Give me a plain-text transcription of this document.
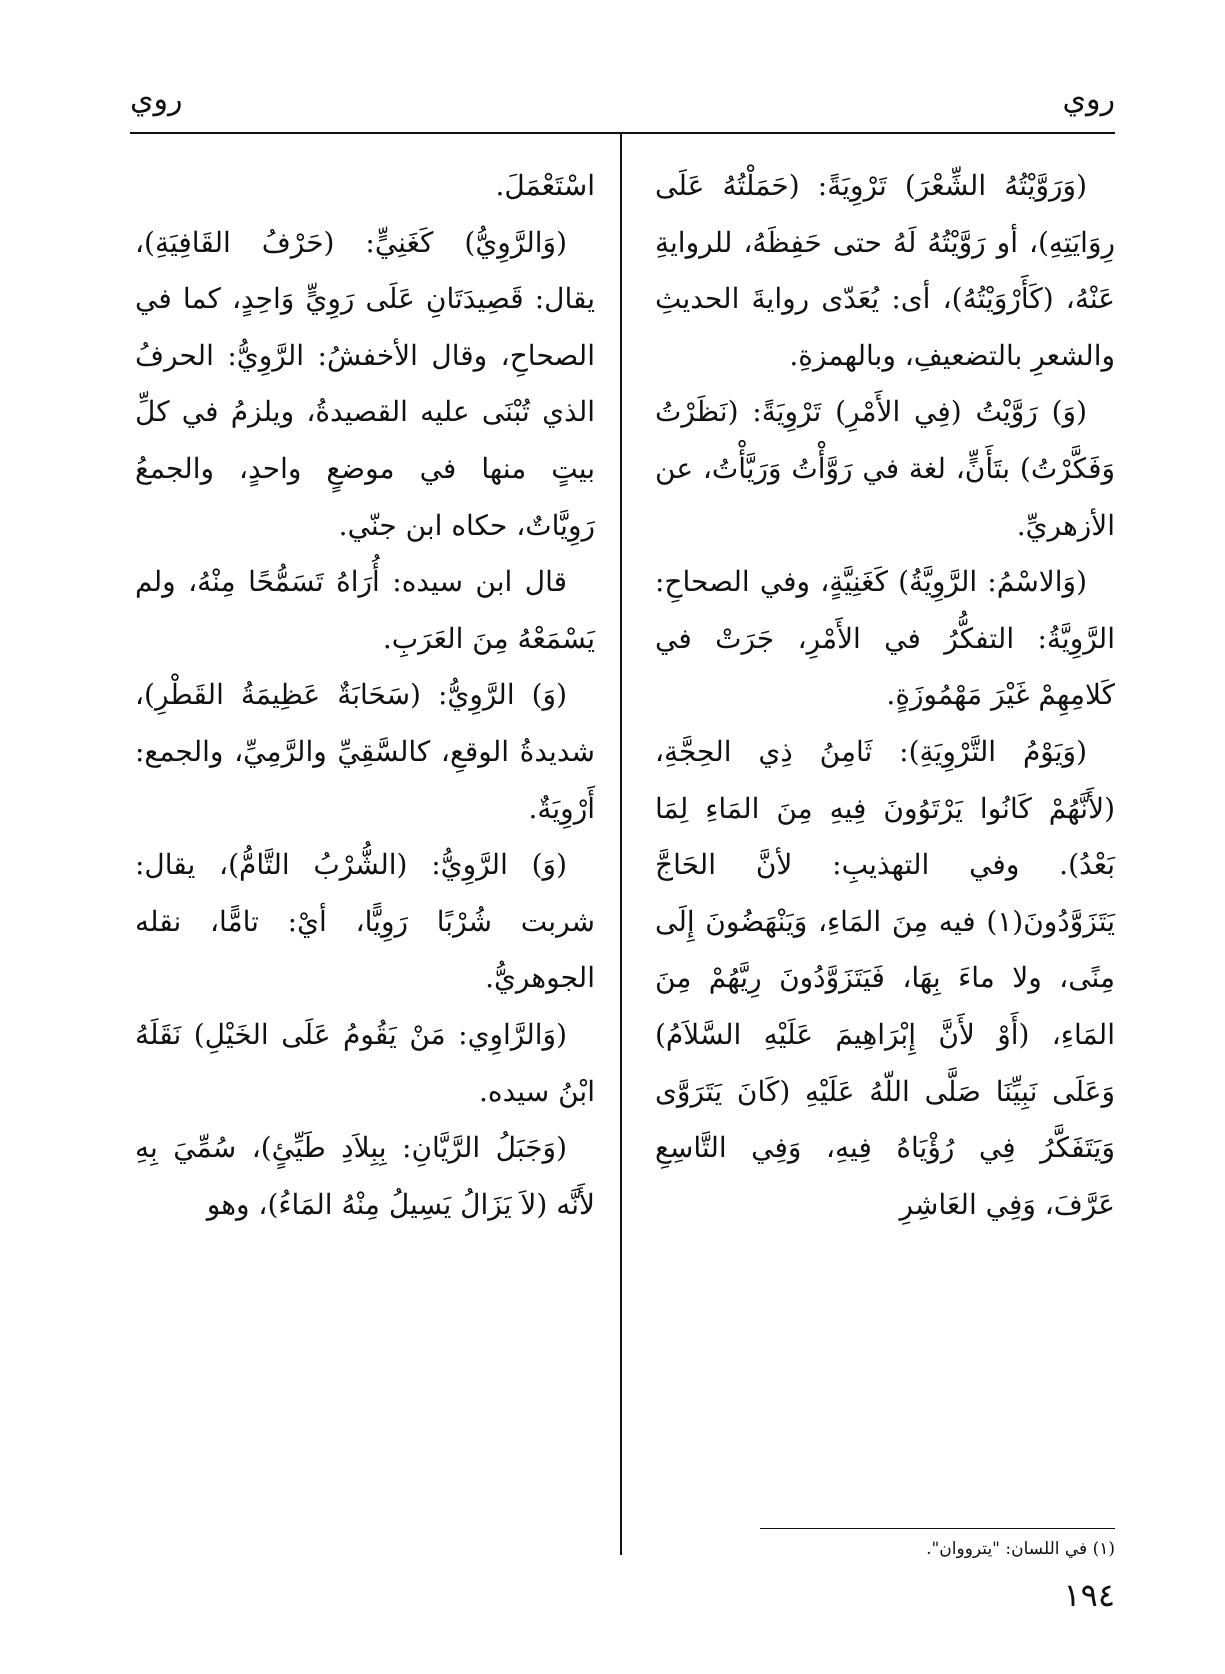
روي
روي

(وَرَوَّيْتُهُ الشِّعْرَ) تَرْوِيَةً: (حَمَلْتُهُ عَلَى رِوَايَتِهِ)، أو رَوَّيْتُهُ لَهُ حتى حَفِظَهُ، للروايةِ عَنْهُ، (كَأَرْوَيْتُهُ)، أى: يُعَدّى روايةَ الحديثِ والشعرِ بالتضعيفِ، وبالهمزةِ.

(وَ) رَوَّيْتُ (فِي الأَمْرِ) تَرْوِيَةً: (نَظَرْتُ وَفَكَّرْتُ) بتَأَنٍّ، لغة في رَوَّأْتُ وَرَيَّأْتُ، عن الأزهريِّ.

(وَالاسْمُ: الرَّوِيَّةُ) كَغَنِيَّةٍ، وفي الصحاحِ: الرَّوِيَّةُ: التفكُّرُ في الأَمْرِ، جَرَتْ في كَلامِهِمْ غَيْرَ مَهْمُوزَةٍ.

(وَيَوْمُ التَّرْوِيَةِ): ثَامِنُ ذِي الحِجَّةِ، (لأَنَّهُمْ كَانُوا يَرْتَوُونَ فِيهِ مِنَ المَاءِ لِمَا بَعْدُ). وفي التهذيبِ: لأنَّ الحَاجَّ يَتَزَوَّدُونَ(١) فيه مِنَ المَاءِ، وَيَنْهَضُونَ إِلَى مِنًى، ولا ماءَ بِهَا، فَيَتَزَوَّدُونَ رِيَّهُمْ مِنَ المَاءِ، (أَوْ لأَنَّ إِبْرَاهِيمَ عَلَيْهِ السَّلاَمُ) وَعَلَى نَبِيِّنَا صَلَّى اللّهُ عَلَيْهِ (كَانَ يَتَرَوَّى وَيَتَفَكَّرُ فِي رُؤْيَاهُ فِيهِ، وَفِي التَّاسِعِ عَرَّفَ، وَفِي العَاشِرِ

اسْتَعْمَلَ.

(وَالرَّوِيُّ) كَغَنِيٍّ: (حَرْفُ القَافِيَةِ)، يقال: قَصِيدَتَانِ عَلَى رَوِيٍّ وَاحِدٍ، كما في الصحاحِ، وقال الأخفشُ: الرَّوِيُّ: الحرفُ الذي تُبْنَى عليه القصيدةُ، ويلزمُ في كلِّ بيتٍ منها في موضعٍ واحدٍ، والجمعُ رَوِيَّاتٌ، حكاه ابن جنّي.

قال ابن سيده: أُرَاهُ تَسَمُّحًا مِنْهُ، ولم يَسْمَعْهُ مِنَ العَرَبِ.

(وَ) الرَّوِيُّ: (سَحَابَةٌ عَظِيمَةُ القَطْرِ)، شديدةُ الوقعِ، كالسَّقِيِّ والرَّمِيِّ، والجمع: أَرْوِيَةٌ.

(وَ) الرَّوِيُّ: (الشُّرْبُ التَّامُّ)، يقال: شربت شُرْبًا رَوِيًّا، أيْ: تامًّا، نقله الجوهريُّ.

(وَالرَّاوِي: مَنْ يَقُومُ عَلَى الخَيْلِ) نَقَلَهُ ابْنُ سيده.

(وَجَبَلُ الرَّيَّانِ: بِبِلاَدِ طَيِّئٍ)، سُمِّيَ بِهِ لأَنَّه (لاَ يَزَالُ يَسِيلُ مِنْهُ المَاءُ)، وهو

(١) في اللسان: "يترووان".
١٩٤
